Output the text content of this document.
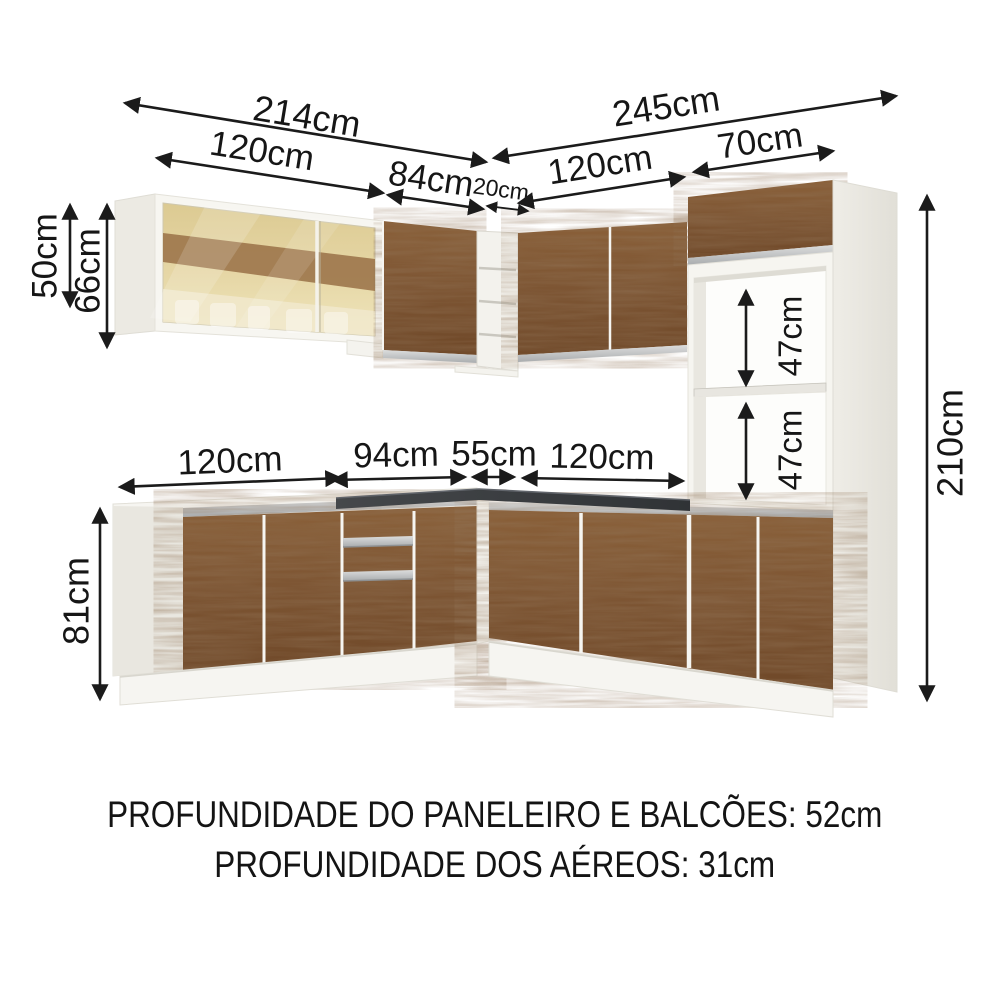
214cm
120cm
84cm
20cm
245cm
120cm 70cm
50cm 66cm
120cm 94cm 55cm 120cm
81cm
47cm
47cm	210cm
PROFUNDIDADE DO PANELEIRO E BALCÕES: 52cm
PROFUNDIDADE DOS AÉREOS: 31cm
